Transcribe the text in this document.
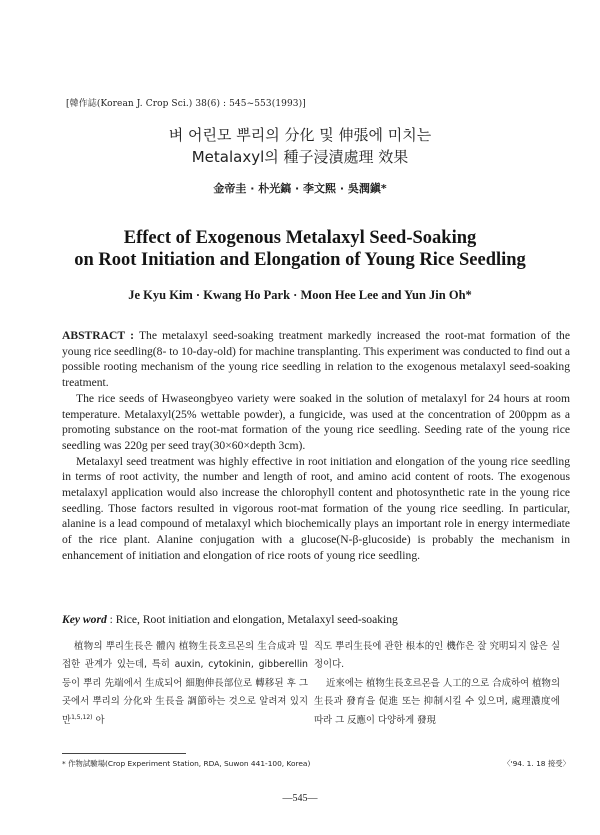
[韓作誌(Korean J. Crop Sci.) 38(6) : 545~553(1993)]
벼 어린모 뿌리의 分化 및 伸張에 미치는
Metalaxyl의 種子浸漬處理 效果
金帝圭 · 朴光鎬 · 李文熙 · 吳潤鎭*
Effect of Exogenous Metalaxyl Seed-Soaking
on Root Initiation and Elongation of Young Rice Seedling
Je Kyu Kim · Kwang Ho Park · Moon Hee Lee and Yun Jin Oh*

ABSTRACT : The metalaxyl seed-soaking treatment markedly increased the root-mat formation of the young rice seedling(8- to 10-day-old) for machine transplanting. This experiment was conducted to find out a possible rooting mechanism of the young rice seedling in relation to the exogenous metalaxyl seed-soaking treatment.

The rice seeds of Hwaseongbyeo variety were soaked in the solution of metalaxyl for 24 hours at room temperature. Metalaxyl(25% wettable powder), a fungicide, was used at the concentration of 200ppm as a promoting substance on the root-mat formation of the young rice seedling. Seeding rate of the young rice seedling was 220g per seed tray(30×60×depth 3cm).

Metalaxyl seed treatment was highly effective in root initiation and elongation of the young rice seedling in terms of root activity, the number and length of root, and amino acid content of roots. The exogenous metalaxyl application would also increase the chlorophyll content and photosynthetic rate in the young rice seedling. Those factors resulted in vigorous root-mat formation of the young rice seedling. In particular, alanine is a lead compound of metalaxyl which biochemically plays an important role in energy intermediate of the rice plant. Alanine conjugation with a glucose(N-β-glucoside) is probably the mechanism in enhancement of initiation and elongation of rice roots of young rice seedling.

Key word : Rice, Root initiation and elongation, Metalaxyl seed-soaking

植物의 뿌리生長은 體內 植物生長호르몬의 生合成과 밀접한 관계가 있는데, 특히 auxin, cytokinin, gibberellin 등이 뿌리 先端에서 生成되어 細胞伸長部位로 轉移된 후 그곳에서 뿌리의 分化와 生長을 調節하는 것으로 알려져 있지만$^{1,5,12)}$ 아

직도 뿌리生長에 관한 根本的인 機作은 잘 究明되지 않은 실정이다.

近來에는 植物生長호르몬을 人工的으로 合成하여 植物의 生長과 發育을 促進 또는 抑制시킬 수 있으며, 處理濃度에 따라 그 反應이 다양하게 發現

* 作物試驗場(Crop Experiment Station, RDA, Suwon 441-100, Korea)	〈'94. 1. 18 接受〉
—545—
